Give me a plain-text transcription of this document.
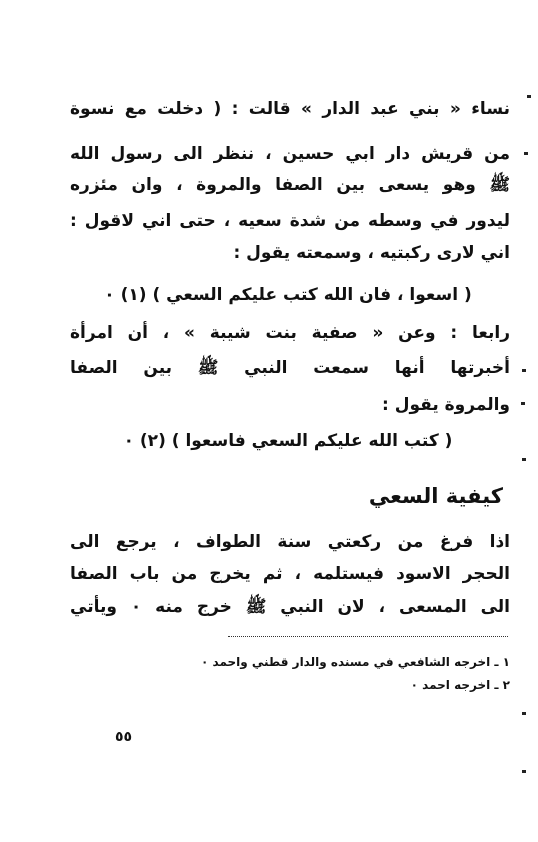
نساء « بني عبد الدار » قالت : ( دخلت مع نسوة
من قريش دار ابي حسين ، ننظر الى رسول الله
ﷺ وهو يسعى بين الصفا والمروة ، وان مئزره
ليدور في وسطه من شدة سعيه ، حتى اني لاقول :
اني لارى ركبتيه ، وسمعته يقول :
( اسعوا ، فان الله كتب عليكم السعي ) (١) ٠
رابعا : وعن « صفية بنت شيبة » ، أن امرأة
أخبرتها أنها سمعت النبي ﷺ بين الصفا
والمروة يقول :
( كتب الله عليكم السعي فاسعوا ) (٢) ٠
كيفية السعي
اذا فرغ من ركعتي سنة الطواف ، يرجع الى
الحجر الاسود فيستلمه ، ثم يخرج من باب الصفا
الى المسعى ، لان النبي ﷺ خرج منه ٠ ويأتي
١ ـ اخرجه الشافعي في مسنده والدار قطني واحمد ٠
٢ ـ اخرجه احمد ٠
٥٥
